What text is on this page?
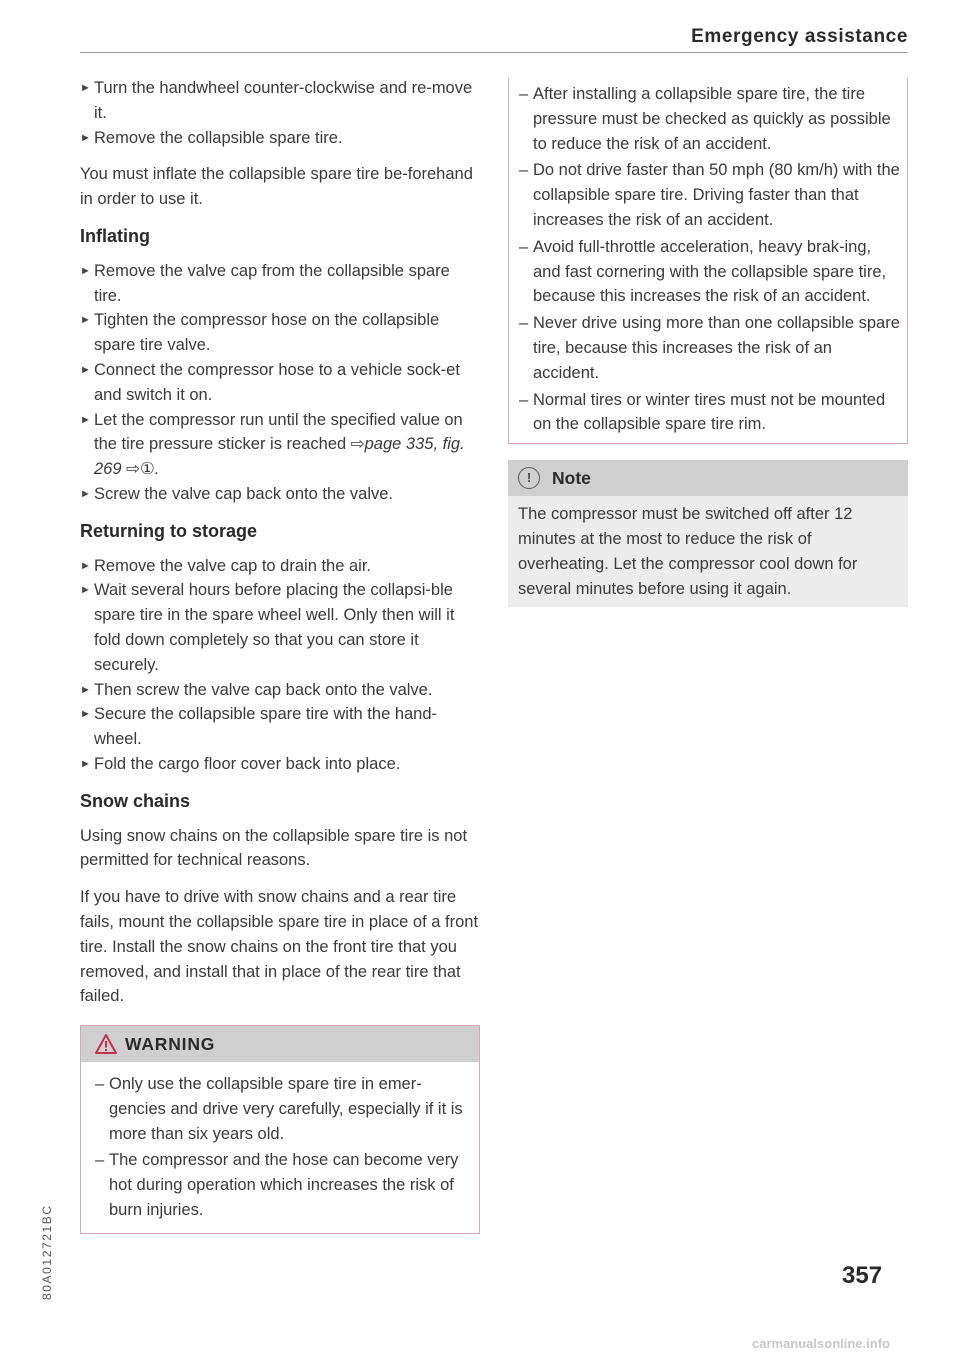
Emergency assistance

► Turn the handwheel counter-clockwise and re-move it.

► Remove the collapsible spare tire.

You must inflate the collapsible spare tire be-forehand in order to use it.

Inflating

► Remove the valve cap from the collapsible spare tire.

► Tighten the compressor hose on the collapsible spare tire valve.

► Connect the compressor hose to a vehicle sock-et and switch it on.

► Let the compressor run until the specified value on the tire pressure sticker is reached ⇨page 335, fig. 269 ⇨①.

► Screw the valve cap back onto the valve.

Returning to storage

► Remove the valve cap to drain the air.

► Wait several hours before placing the collapsi-ble spare tire in the spare wheel well. Only then will it fold down completely so that you can store it securely.

► Then screw the valve cap back onto the valve.

► Secure the collapsible spare tire with the hand-wheel.

► Fold the cargo floor cover back into place.

Snow chains

Using snow chains on the collapsible spare tire is not permitted for technical reasons.

If you have to drive with snow chains and a rear tire fails, mount the collapsible spare tire in place of a front tire. Install the snow chains on the front tire that you removed, and install that in place of the rear tire that failed.

WARNING

– Only use the collapsible spare tire in emer-gencies and drive very carefully, especially if it is more than six years old.

– The compressor and the hose can become very hot during operation which increases the risk of burn injuries.

– After installing a collapsible spare tire, the tire pressure must be checked as quickly as possible to reduce the risk of an accident.

– Do not drive faster than 50 mph (80 km/h) with the collapsible spare tire. Driving faster than that increases the risk of an accident.

– Avoid full-throttle acceleration, heavy brak-ing, and fast cornering with the collapsible spare tire, because this increases the risk of an accident.

– Never drive using more than one collapsible spare tire, because this increases the risk of an accident.

– Normal tires or winter tires must not be mounted on the collapsible spare tire rim.

!	Note
The compressor must be switched off after 12 minutes at the most to reduce the risk of overheating. Let the compressor cool down for several minutes before using it again.
80A012721BC	357
carmanualsonline.info
